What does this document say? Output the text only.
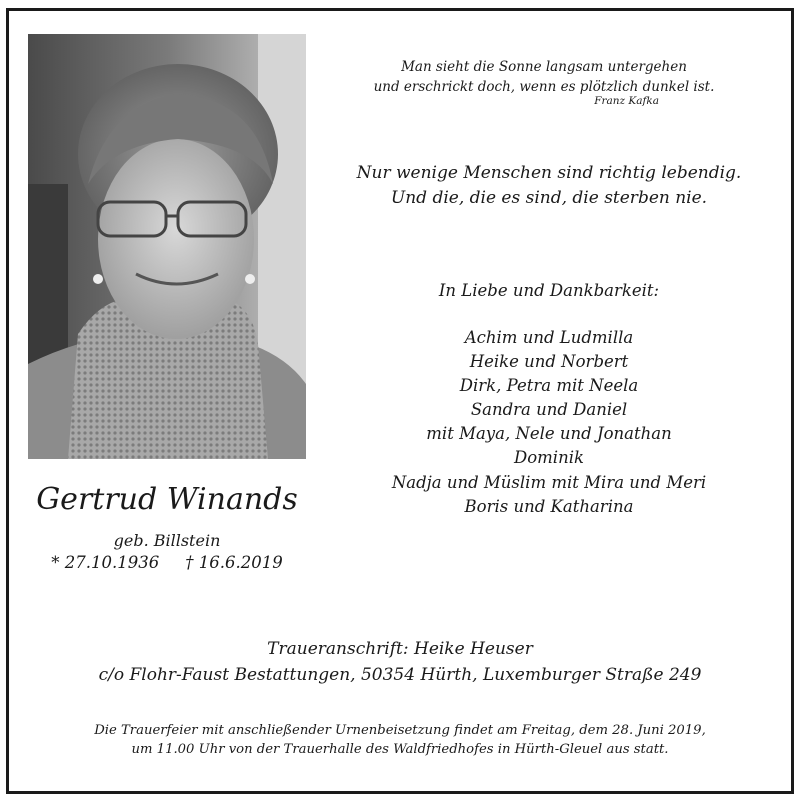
Man sieht die Sonne langsam untergehen
und erschrickt doch, wenn es plötzlich dunkel ist.
Franz Kafka
Nur wenige Menschen sind richtig lebendig.
Und die, die es sind, die sterben nie.
In Liebe und Dankbarkeit:
Achim und Ludmilla
Heike und Norbert
Dirk, Petra mit Neela
Sandra und Daniel
mit Maya, Nele und Jonathan
Dominik
Nadja und Müslim mit Mira und Meri
Boris und Katharina
Gertrud Winands
geb. Billstein
* 27.10.1936 † 16.6.2019
Traueranschrift: Heike Heuser
c/o Flohr-Faust Bestattungen, 50354 Hürth, Luxemburger Straße 249
Die Trauerfeier mit anschließender Urnenbeisetzung findet am Freitag, dem 28. Juni 2019,
um 11.00 Uhr von der Trauerhalle des Waldfriedhofes in Hürth-Gleuel aus statt.
